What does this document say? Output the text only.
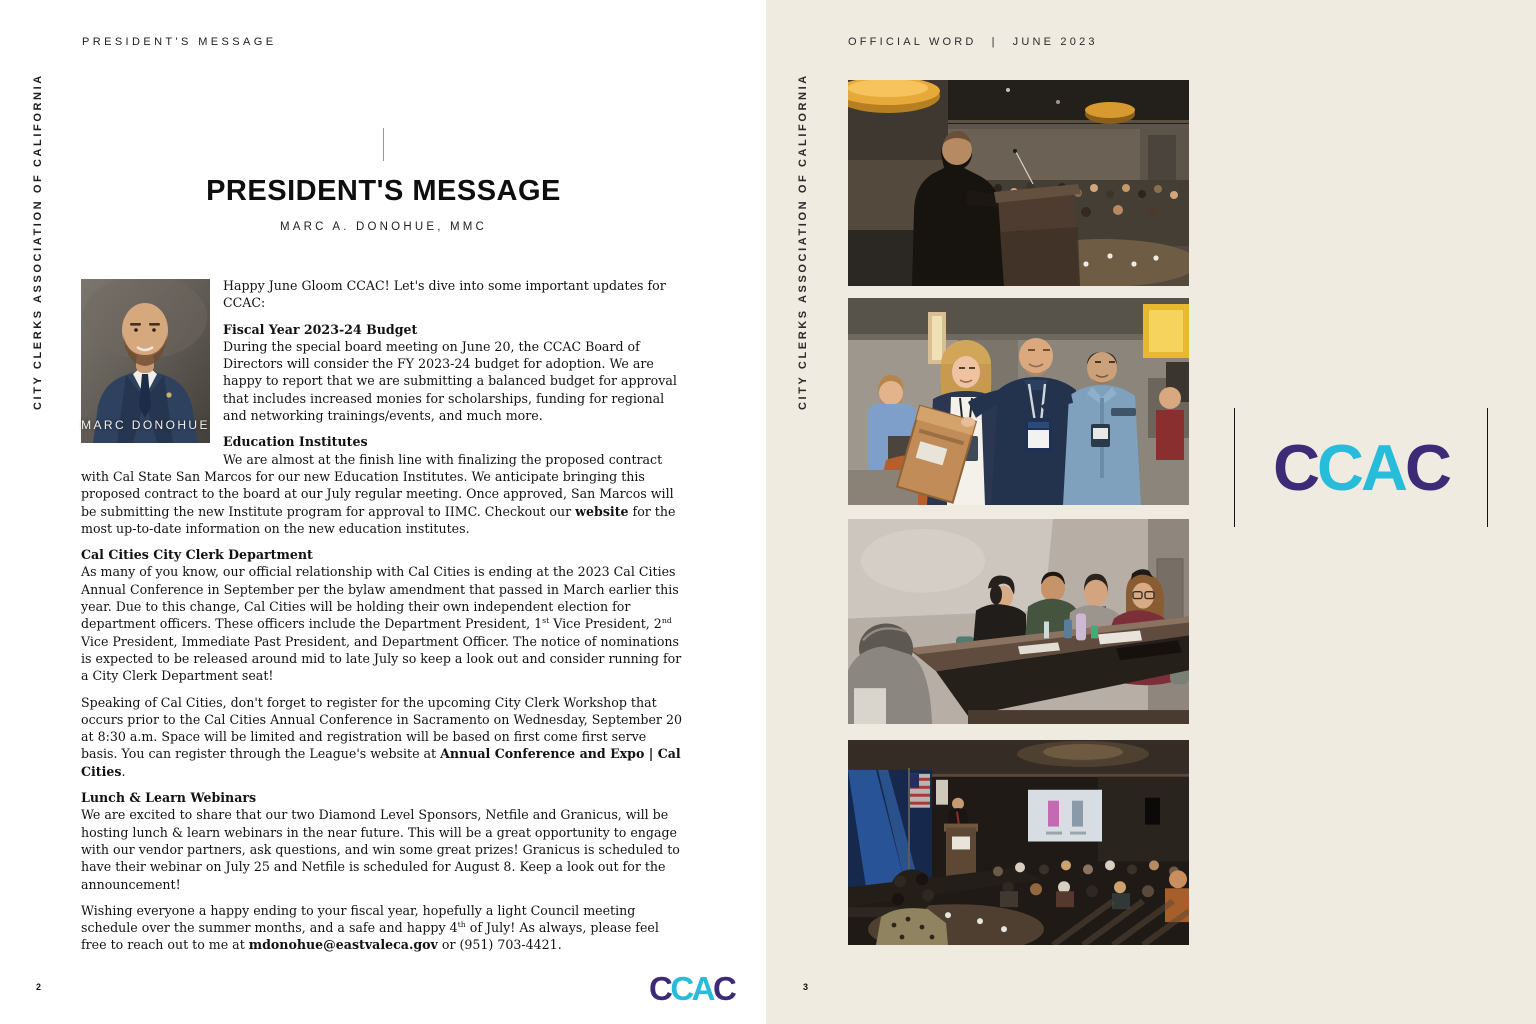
PRESIDENT'S MESSAGE
CITY CLERKS ASSOCIATION OF CALIFORNIA	PRESIDENT'S MESSAGE
MARC A. DONOHUE, MMC
MARC DONOHUE

Happy June Gloom CCAC! Let's dive into some important updates for CCAC:

Fiscal Year 2023-24 Budget

During the special board meeting on June 20, the CCAC Board of Directors will consider the FY 2023-24 budget for adoption. We are happy to report that we are submitting a balanced budget for approval that includes increased monies for scholarships, funding for regional and networking trainings/events, and much more.

Education Institutes

We are almost at the finish line with finalizing the proposed contract with Cal State San Marcos for our new Education Institutes. We anticipate bringing this proposed contract to the board at our July regular meeting. Once approved, San Marcos will be submitting the new Institute program for approval to IIMC. Checkout our website for the most up-to-date information on the new education institutes.

Cal Cities City Clerk Department

As many of you know, our official relationship with Cal Cities is ending at the 2023 Cal Cities Annual Conference in September per the bylaw amendment that passed in March earlier this year. Due to this change, Cal Cities will be holding their own independent election for department officers. These officers include the Department President, 1st Vice President, 2nd Vice President, Immediate Past President, and Department Officer. The notice of nominations is expected to be released around mid to late July so keep a look out and consider running for a City Clerk Department seat!

Speaking of Cal Cities, don't forget to register for the upcoming City Clerk Workshop that occurs prior to the Cal Cities Annual Conference in Sacramento on Wednesday, September 20 at 8:30 a.m. Space will be limited and registration will be based on first come first serve basis. You can register through the League's website at Annual Conference and Expo | Cal Cities.

Lunch & Learn Webinars

We are excited to share that our two Diamond Level Sponsors, Netfile and Granicus, will be hosting lunch & learn webinars in the near future. This will be a great opportunity to engage with our vendor partners, ask questions, and win some great prizes! Granicus is scheduled to have their webinar on July 25 and Netfile is scheduled for August 8. Keep a look out for the announcement!

Wishing everyone a happy ending to your fiscal year, hopefully a light Council meeting schedule over the summer months, and a safe and happy 4th of July! As always, please feel free to reach out to me at mdonohue@eastvaleca.gov or (951) 703-4421.

CCAC
2
OFFICIAL WORD | JUNE 2023
CITY CLERKS ASSOCIATION OF CALIFORNIA
CCAC
3
